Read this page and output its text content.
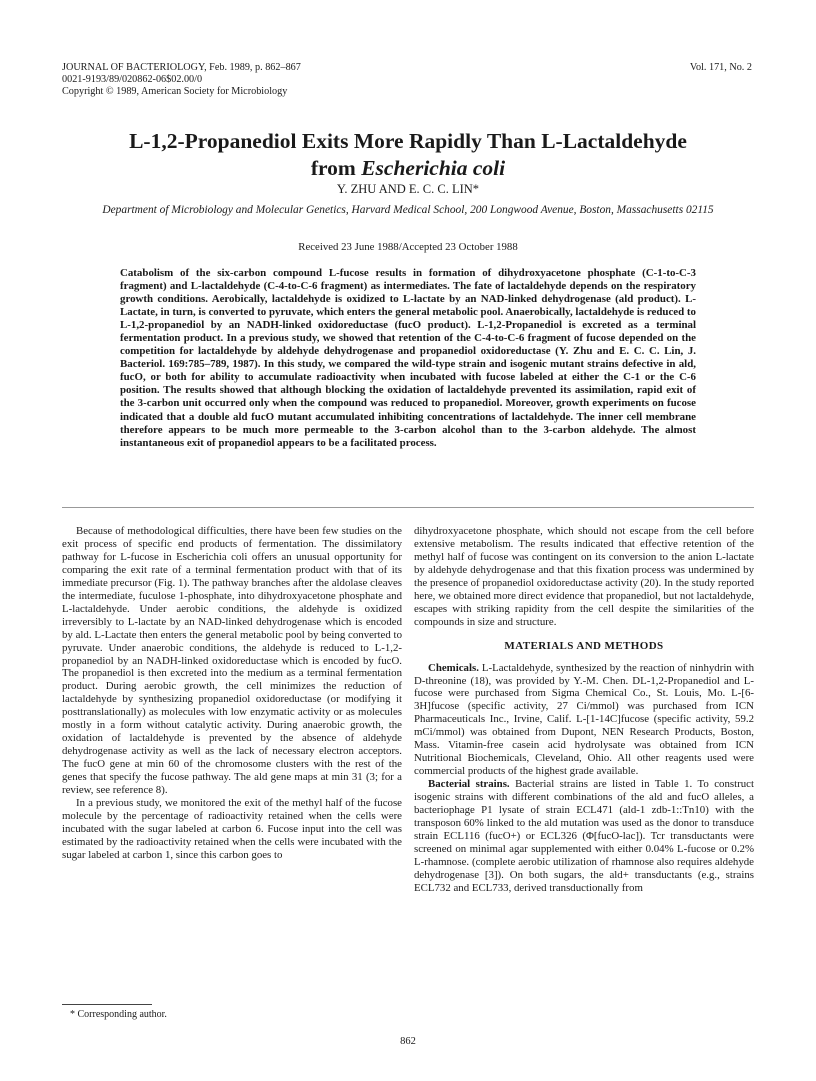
JOURNAL OF BACTERIOLOGY, Feb. 1989, p. 862–867
0021-9193/89/020862-06$02.00/0
Copyright © 1989, American Society for Microbiology
Vol. 171, No. 2
L-1,2-Propanediol Exits More Rapidly Than L-Lactaldehyde
from Escherichia coli
Y. ZHU AND E. C. C. LIN*
Department of Microbiology and Molecular Genetics, Harvard Medical School, 200 Longwood Avenue, Boston, Massachusetts 02115
Received 23 June 1988/Accepted 23 October 1988
Catabolism of the six-carbon compound L-fucose results in formation of dihydroxyacetone phosphate (C-1-to-C-3 fragment) and L-lactaldehyde (C-4-to-C-6 fragment) as intermediates. The fate of lactaldehyde depends on the respiratory growth conditions. Aerobically, lactaldehyde is oxidized to L-lactate by an NAD-linked dehydrogenase (ald product). L-Lactate, in turn, is converted to pyruvate, which enters the general metabolic pool. Anaerobically, lactaldehyde is reduced to L-1,2-propanediol by an NADH-linked oxidoreductase (fucO product). L-1,2-Propanediol is excreted as a terminal fermentation product. In a previous study, we showed that retention of the C-4-to-C-6 fragment of fucose depended on the competition for lactaldehyde by aldehyde dehydrogenase and propanediol oxidoreductase (Y. Zhu and E. C. C. Lin, J. Bacteriol. 169:785–789, 1987). In this study, we compared the wild-type strain and isogenic mutant strains defective in ald, fucO, or both for ability to accumulate radioactivity when incubated with fucose labeled at either the C-1 or the C-6 position. The results showed that although blocking the oxidation of lactaldehyde prevented its assimilation, rapid exit of the 3-carbon unit occurred only when the compound was reduced to propanediol. Moreover, growth experiments on fucose indicated that a double ald fucO mutant accumulated inhibiting concentrations of lactaldehyde. The inner cell membrane therefore appears to be much more permeable to the 3-carbon alcohol than to the 3-carbon aldehyde. The almost instantaneous exit of propanediol appears to be a facilitated process.

Because of methodological difficulties, there have been few studies on the exit process of specific end products of fermentation. The dissimilatory pathway for L-fucose in Escherichia coli offers an unusual opportunity for comparing the exit rate of a terminal fermentation product with that of its immediate precursor (Fig. 1). The pathway branches after the aldolase cleaves the intermediate, fuculose 1-phosphate, into dihydroxyacetone phosphate and L-lactaldehyde. Under aerobic conditions, the aldehyde is oxidized irreversibly to L-lactate by an NAD-linked dehydrogenase which is encoded by ald. L-Lactate then enters the general metabolic pool by being converted to pyruvate. Under anaerobic conditions, the aldehyde is reduced to L-1,2-propanediol by an NADH-linked oxidoreductase which is encoded by fucO. The propanediol is then excreted into the medium as a terminal fermentation product. During aerobic growth, the cell minimizes the reduction of lactaldehyde by synthesizing propanediol oxidoreductase (or modifying it posttranslationally) as molecules with low enzymatic activity or as molecules mostly in a form without catalytic activity. During anaerobic growth, the oxidation of lactaldehyde is prevented by the absence of aldehyde dehydrogenase activity as well as the lack of necessary electron acceptors. The fucO gene at min 60 of the chromosome clusters with the rest of the genes that specify the fucose pathway. The ald gene maps at min 31 (3; for a review, see reference 8).

In a previous study, we monitored the exit of the methyl half of the fucose molecule by the percentage of radioactivity retained when the cells were incubated with the sugar labeled at carbon 6. Fucose input into the cell was estimated by the radioactivity retained when the cells were incubated with the sugar labeled at carbon 1, since this carbon goes to

dihydroxyacetone phosphate, which should not escape from the cell before extensive metabolism. The results indicated that effective retention of the methyl half of fucose was contingent on its conversion to the anion L-lactate by aldehyde dehydrogenase and that this fixation process was undermined by the presence of propanediol oxidoreductase activity (20). In the study reported here, we obtained more direct evidence that propanediol, but not lactaldehyde, escapes with striking rapidity from the cell despite the similarities of the compounds in size and structure.

MATERIALS AND METHODS

Chemicals. L-Lactaldehyde, synthesized by the reaction of ninhydrin with D-threonine (18), was provided by Y.-M. Chen. DL-1,2-Propanediol and L-fucose were purchased from Sigma Chemical Co., St. Louis, Mo. L-[6-3H]fucose (specific activity, 27 Ci/mmol) was purchased from ICN Pharmaceuticals Inc., Irvine, Calif. L-[1-14C]fucose (specific activity, 59.2 mCi/mmol) was obtained from Dupont, NEN Research Products, Boston, Mass. Vitamin-free casein acid hydrolysate was obtained from ICN Nutritional Biochemicals, Cleveland, Ohio. All other reagents used were commercial products of the highest grade available.

Bacterial strains. Bacterial strains are listed in Table 1. To construct isogenic strains with different combinations of the ald and fucO alleles, a bacteriophage P1 lysate of strain ECL471 (ald-1 zdb-1::Tn10) with the transposon 60% linked to the ald mutation was used as the donor to transduce strain ECL116 (fucO+) or ECL326 (Φ[fucO-lac]). Tcr transductants were screened on minimal agar supplemented with either 0.04% L-fucose or 0.2% L-rhamnose. (complete aerobic utilization of rhamnose also requires aldehyde dehydrogenase [3]). On both sugars, the ald+ transductants (e.g., strains ECL732 and ECL733, derived transductionally from

* Corresponding author.
862
